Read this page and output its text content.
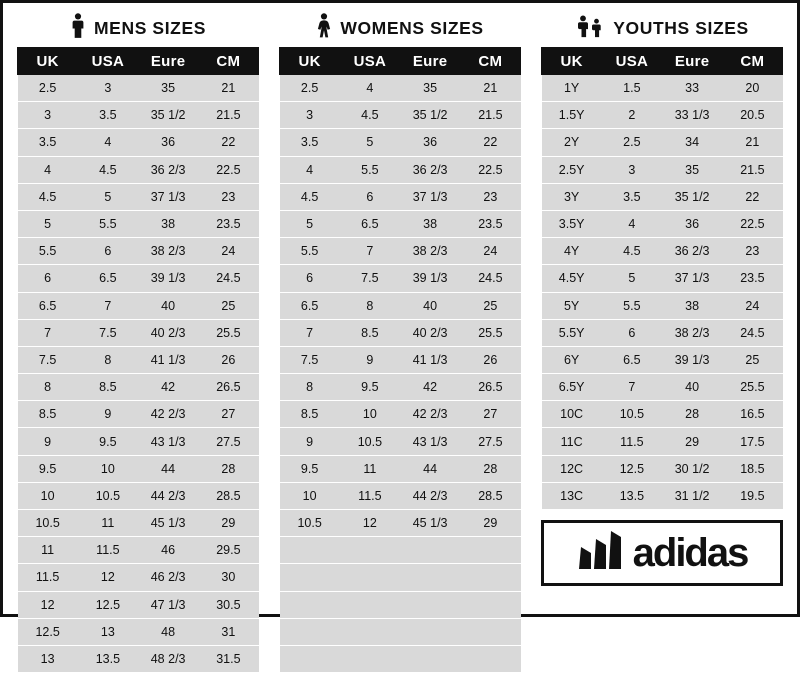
MENS SIZES
UK	USA	Eure	CM
2.5	3	35	21
3	3.5	35 1/2	21.5
3.5	4	36	22
4	4.5	36 2/3	22.5
4.5	5	37 1/3	23
5	5.5	38	23.5
5.5	6	38 2/3	24
6	6.5	39 1/3	24.5
6.5	7	40	25
7	7.5	40 2/3	25.5
7.5	8	41 1/3	26
8	8.5	42	26.5
8.5	9	42 2/3	27
9	9.5	43 1/3	27.5
9.5	10	44	28
10	10.5	44 2/3	28.5
10.5	11	45 1/3	29
11	11.5	46	29.5
11.5	12	46 2/3	30
12	12.5	47 1/3	30.5
12.5	13	48	31
13	13.5	48 2/3	31.5
WOMENS SIZES
UK	USA	Eure	CM
2.5	4	35	21
3	4.5	35 1/2	21.5
3.5	5	36	22
4	5.5	36 2/3	22.5
4.5	6	37 1/3	23
5	6.5	38	23.5
5.5	7	38 2/3	24
6	7.5	39 1/3	24.5
6.5	8	40	25
7	8.5	40 2/3	25.5
7.5	9	41 1/3	26
8	9.5	42	26.5
8.5	10	42 2/3	27
9	10.5	43 1/3	27.5
9.5	11	44	28
10	11.5	44 2/3	28.5
10.5	12	45 1/3	29

YOUTHS SIZES
UK	USA	Eure	CM
1Y	1.5	33	20
1.5Y	2	33 1/3	20.5
2Y	2.5	34	21
2.5Y	3	35	21.5
3Y	3.5	35 1/2	22
3.5Y	4	36	22.5
4Y	4.5	36 2/3	23
4.5Y	5	37 1/3	23.5
5Y	5.5	38	24
5.5Y	6	38 2/3	24.5
6Y	6.5	39 1/3	25
6.5Y	7	40	25.5
10C	10.5	28	16.5
11C	11.5	29	17.5
12C	12.5	30 1/2	18.5
13C	13.5	31 1/2	19.5
adidas
